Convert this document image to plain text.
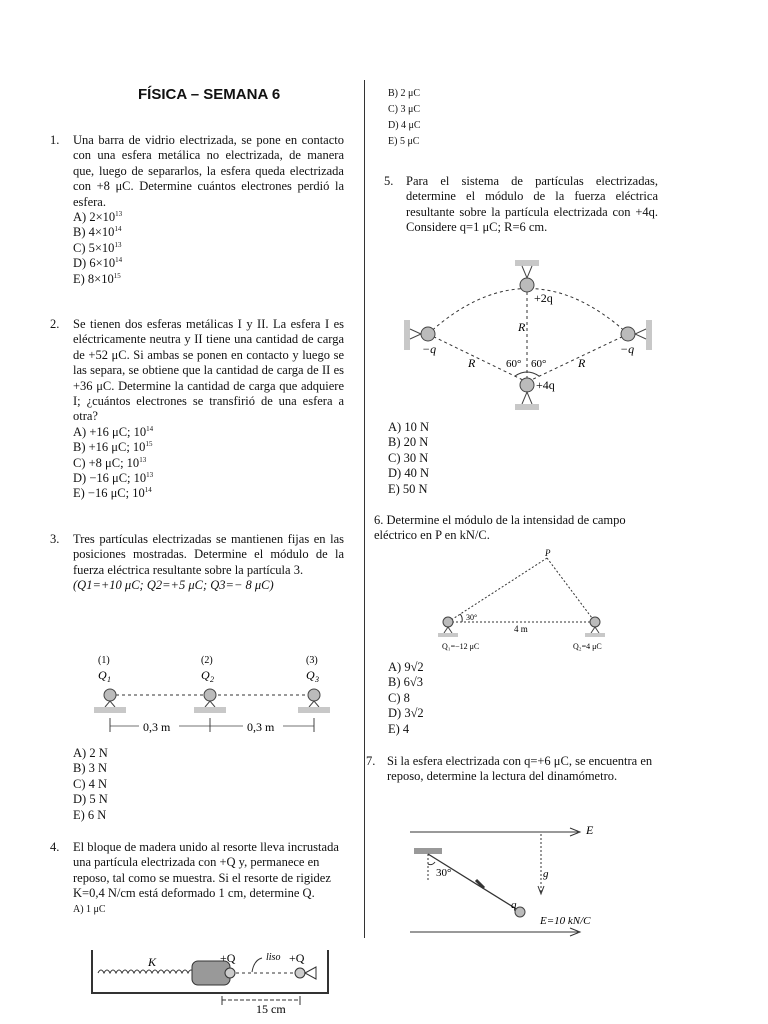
FÍSICA – SEMANA 6
1. Una barra de vidrio electrizada, se pone en contacto con una esfera metálica no electrizada, de manera que, luego de separarlos, la esfera queda electrizada con +8 μC. Determine cuántos electrones perdió la esfera.

A) $2\times 10^{13}$
B) $4\times 10^{14}$
C) $5\times 10^{13}$
D) $6\times 10^{14}$
E) $8\times 10^{15}$
2. Se tienen dos esferas metálicas I y II. La esfera I es eléctricamente neutra y II tiene una cantidad de carga de +52 μC. Si ambas se ponen en contacto y luego se las separa, se obtiene que la cantidad de carga de II es +36 μC. Determine la cantidad de carga que adquiere I; ¿cuántos electrones se transfirió de una esfera a otra?

A) +16 μC; $10^{14}$
B) +16 μC; $10^{15}$
C) +8 μC; $10^{13}$
D) −16 μC; $10^{13}$
E) −16 μC; $10^{14}$
3. Tres partículas electrizadas se mantienen fijas en las posiciones mostradas. Determine el módulo de la fuerza eléctrica resultante sobre la partícula 3.

(Q1=+10 μC; Q2=+5 μC; Q3=− 8 μC)

(1)
Q 1
(2)
Q 2
(3)
Q 3
0,3 m	0,3 m
A) 2 N
B) 3 N
C) 4 N
D) 5 N
E) 6 N
4. El bloque de madera unido al resorte lleva incrustada una partícula electrizada con +Q y, permanece en reposo, tal como se muestra. Si el resorte de rigidez K=0,4 N/cm está deformado 1 cm, determine Q.

A) 1 μC
K	+Q	liso +Q
15 cm
B) 2 μC
C) 3 μC
D) 4 μC
E) 5 μC
5. Para el sistema de partículas electrizadas, determine el módulo de la fuerza eléctrica resultante sobre la partícula electrizada con +4q. Considere q=1 μC; R=6 cm.

+2q
−q	−q
+4q
R
R	R
60° 60°
A) 10 N
B) 20 N
C) 30 N
D) 40 N
E) 50 N

6. Determine el módulo de la intensidad de campo eléctrico en P en kN/C.

P
30°
4 m
Q₁=−12 μC	Q₂=4 μC
A) 9√2
B) 6√3
C) 8
D) 3√2
E) 4
7. Si la esfera electrizada con q=+6 μC, se encuentra en reposo, determine la lectura del dinamómetro.

E
E=10 kN/C
30°
q
g
